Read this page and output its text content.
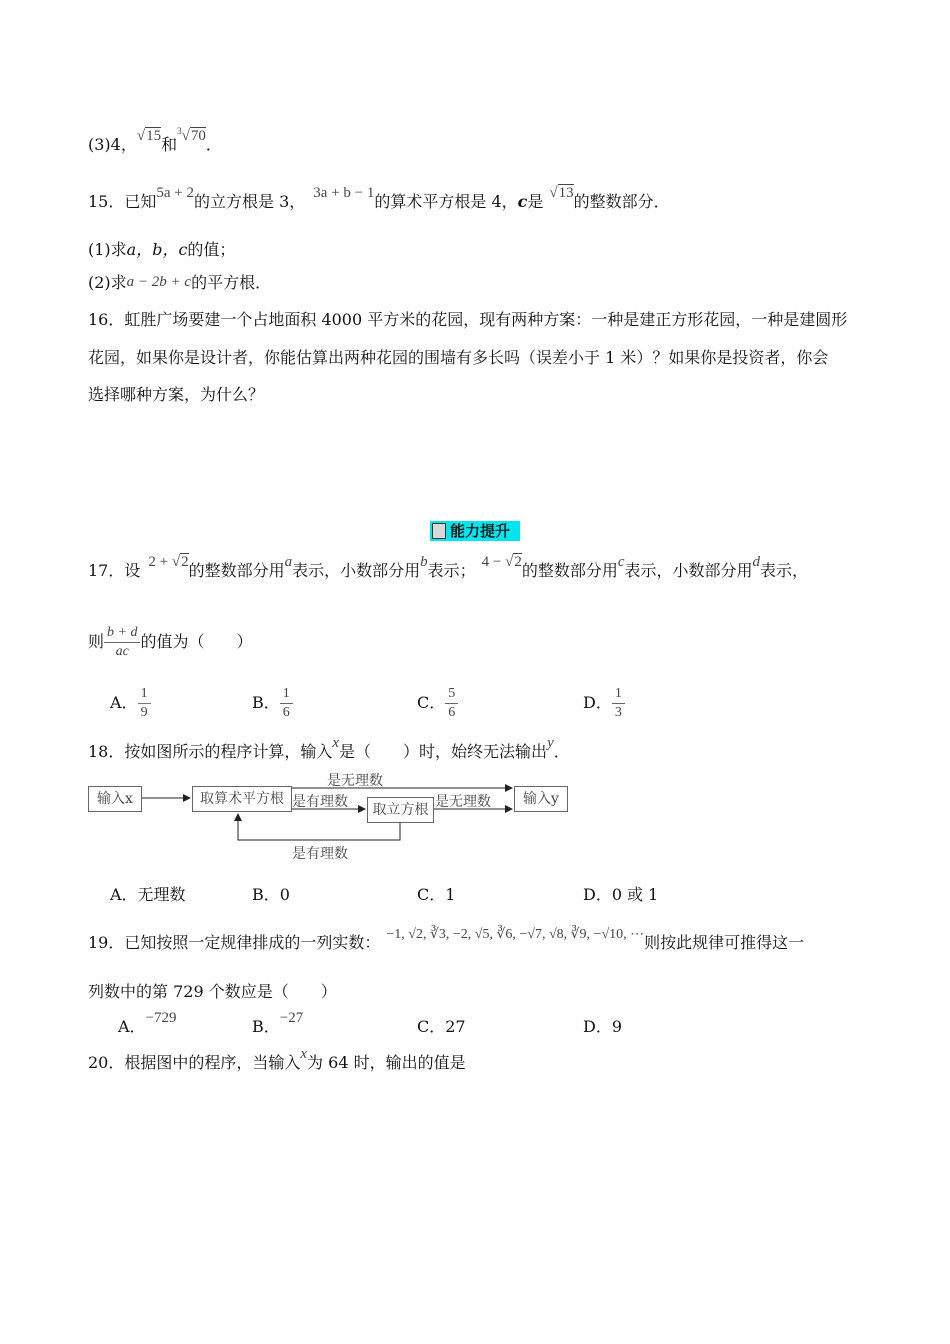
(3)4，√15和$^3$√70．
15．已知5a + 2的立方根是 3， 3a + b − 1的算术平方根是 4，c是 √13的整数部分．
(1)求a，b，c的值；
(2)求a − 2b + c的平方根．
16．虹胜广场要建一个占地面积 4000 平方米的花园，现有两种方案：一种是建正方形花园，一种是建圆形
花园，如果你是设计者，你能估算出两种花园的围墙有多长吗（误差小于 1 米）？如果你是投资者，你会
选择哪种方案，为什么？
能力提升
17．设 2 + √2的整数部分用a表示，小数部分用b表示； 4 − √2的整数部分用c表示，小数部分用d表示，
则 $\frac{b + d}{ac}$ 的值为（　　）
A． $\frac{1}{9}$	B． $\frac{1}{6}$	C． $\frac{5}{6}$	D． $\frac{1}{3}$
18．按如图所示的程序计算，输入x是（　　）时，始终无法输出y．
输入x	取算术平方根
取立方根
输入y
是无理数
是有理数	是无理数
是有理数
A．无理数	B．0	C．1	D．0 或 1
19．已知按照一定规律排成的一列实数： −1, √2, ∛3, −2, √5, ∛6, −√7, √8, ∛9, −√10, ⋯则按此规律可推得这一
列数中的第 729 个数应是（　　）
A．−729	B．−27	C．27	D．9
20．根据图中的程序，当输入x为 64 时，输出的值是
